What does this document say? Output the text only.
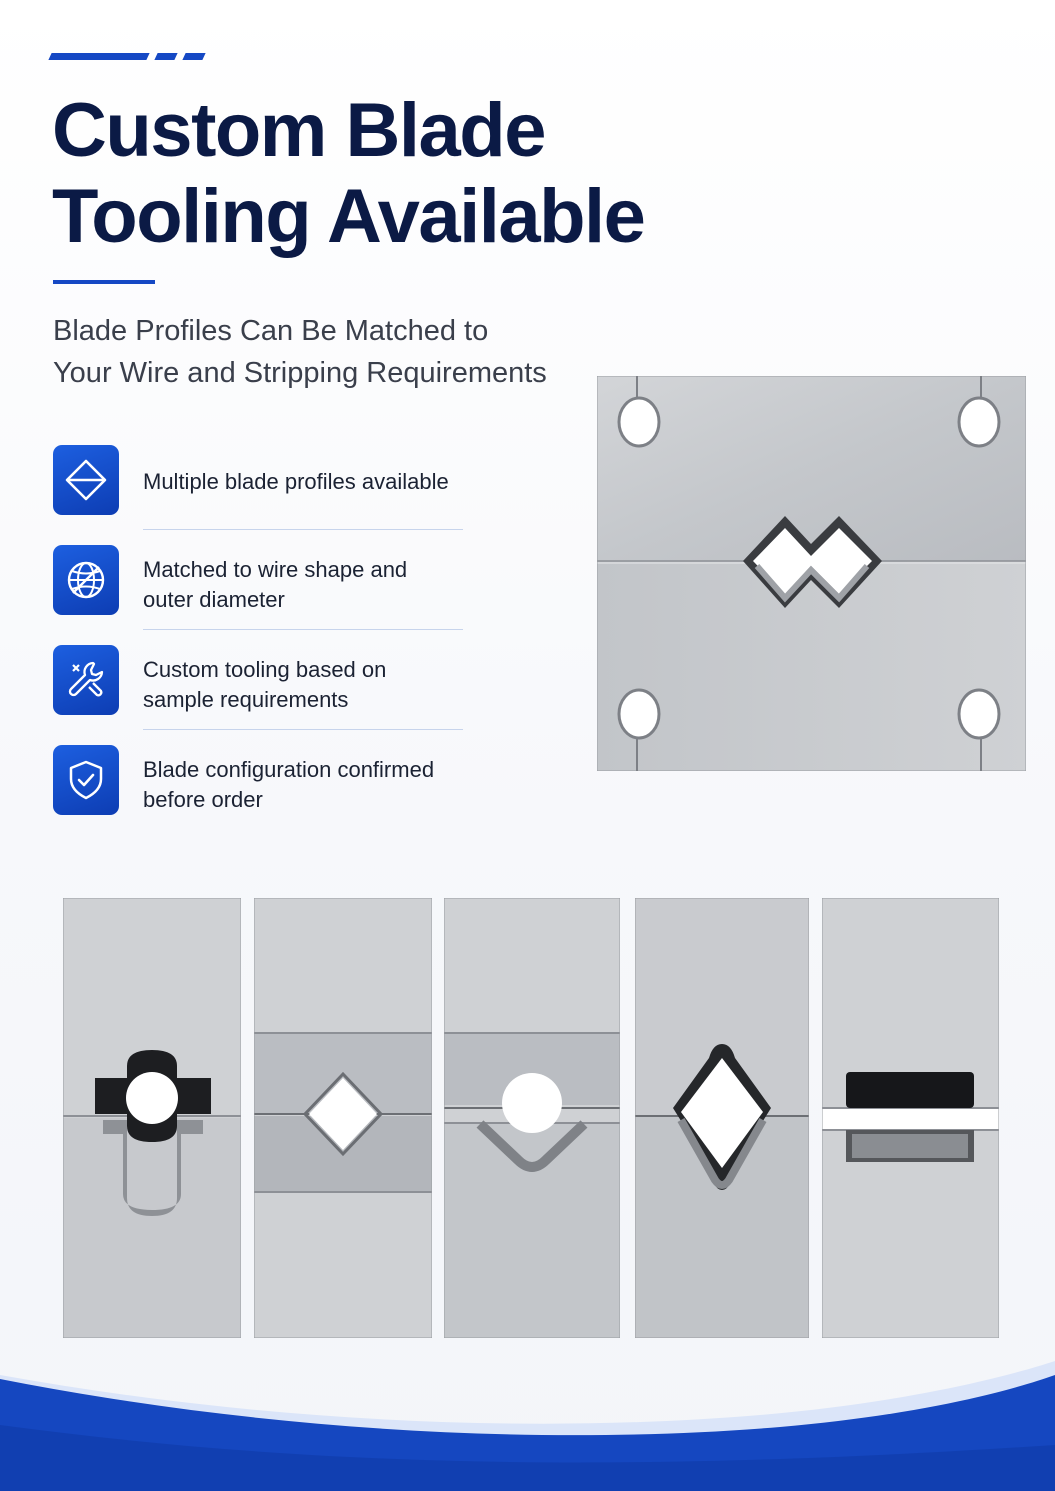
Custom Blade
Tooling Available

Blade Profiles Can Be Matched to
Your Wire and Stripping Requirements

Multiple blade profiles available
Matched to wire shape and
outer diameter
Custom tooling based on
sample requirements
Blade configuration confirmed
before order
